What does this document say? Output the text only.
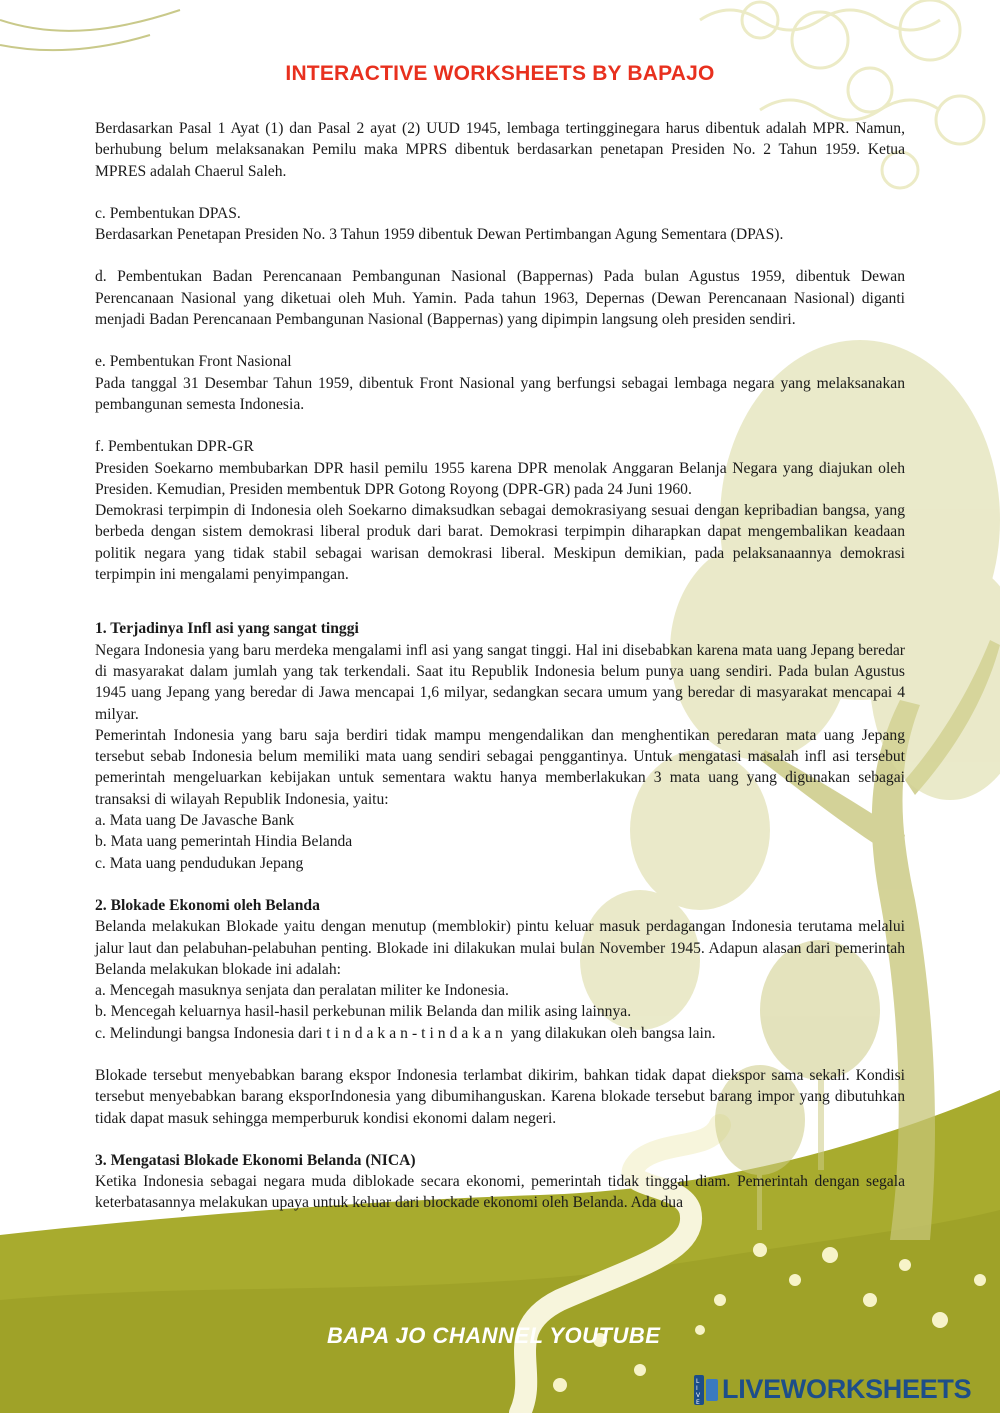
INTERACTIVE WORKSHEETS BY BAPAJO

Berdasarkan Pasal 1 Ayat (1) dan Pasal 2 ayat (2) UUD 1945, lembaga tertingginegara harus dibentuk adalah MPR. Namun, berhubung belum melaksanakan Pemilu maka MPRS dibentuk berdasarkan penetapan Presiden No. 2 Tahun 1959. Ketua MPRES adalah Chaerul Saleh.

c. Pembentukan DPAS.

Berdasarkan Penetapan Presiden No. 3 Tahun 1959 dibentuk Dewan Pertimbangan Agung Sementara (DPAS).

d. Pembentukan Badan Perencanaan Pembangunan Nasional (Bappernas) Pada bulan Agustus 1959, dibentuk Dewan Perencanaan Nasional yang diketuai oleh Muh. Yamin. Pada tahun 1963, Depernas (Dewan Perencanaan Nasional) diganti menjadi Badan Perencanaan Pembangunan Nasional (Bappernas) yang dipimpin langsung oleh presiden sendiri.

e. Pembentukan Front Nasional

Pada tanggal 31 Desembar Tahun 1959, dibentuk Front Nasional yang berfungsi sebagai lembaga negara yang melaksanakan pembangunan semesta Indonesia.

f. Pembentukan DPR-GR

Presiden Soekarno membubarkan DPR hasil pemilu 1955 karena DPR menolak Anggaran Belanja Negara yang diajukan oleh Presiden. Kemudian, Presiden membentuk DPR Gotong Royong (DPR-GR) pada 24 Juni 1960.

Demokrasi terpimpin di Indonesia oleh Soekarno dimaksudkan sebagai demokrasiyang sesuai dengan kepribadian bangsa, yang berbeda dengan sistem demokrasi liberal produk dari barat. Demokrasi terpimpin diharapkan dapat mengembalikan keadaan politik negara yang tidak stabil sebagai warisan demokrasi liberal. Meskipun demikian, pada pelaksanaannya demokrasi terpimpin ini mengalami penyimpangan.

1. Terjadinya Infl asi yang sangat tinggi

Negara Indonesia yang baru merdeka mengalami infl asi yang sangat tinggi. Hal ini disebabkan karena mata uang Jepang beredar di masyarakat dalam jumlah yang tak terkendali. Saat itu Republik Indonesia belum punya uang sendiri. Pada bulan Agustus 1945 uang Jepang yang beredar di Jawa mencapai 1,6 milyar, sedangkan secara umum yang beredar di masyarakat mencapai 4 milyar.

Pemerintah Indonesia yang baru saja berdiri tidak mampu mengendalikan dan menghentikan peredaran mata uang Jepang tersebut sebab Indonesia belum memiliki mata uang sendiri sebagai penggantinya. Untuk mengatasi masalah infl asi tersebut pemerintah mengeluarkan kebijakan untuk sementara waktu hanya memberlakukan 3 mata uang yang digunakan sebagai transaksi di wilayah Republik Indonesia, yaitu:

a. Mata uang De Javasche Bank

b. Mata uang pemerintah Hindia Belanda

c. Mata uang pendudukan Jepang

2. Blokade Ekonomi oleh Belanda

Belanda melakukan Blokade yaitu dengan menutup (memblokir) pintu keluar masuk perdagangan Indonesia terutama melalui jalur laut dan pelabuhan-pelabuhan penting. Blokade ini dilakukan mulai bulan November 1945. Adapun alasan dari pemerintah Belanda melakukan blokade ini adalah:

a. Mencegah masuknya senjata dan peralatan militer ke Indonesia.

b. Mencegah keluarnya hasil-hasil perkebunan milik Belanda dan milik asing lainnya.

c. Melindungi bangsa Indonesia dari tindakan-tindakan yang dilakukan oleh bangsa lain.

Blokade tersebut menyebabkan barang ekspor Indonesia terlambat dikirim, bahkan tidak dapat diekspor sama sekali. Kondisi tersebut menyebabkan barang eksporIndonesia yang dibumihanguskan. Karena blokade tersebut barang impor yang dibutuhkan tidak dapat masuk sehingga memperburuk kondisi ekonomi dalam negeri.

3. Mengatasi Blokade Ekonomi Belanda (NICA)

Ketika Indonesia sebagai negara muda diblokade secara ekonomi, pemerintah tidak tinggal diam. Pemerintah dengan segala keterbatasannya melakukan upaya untuk keluar dari blockade ekonomi oleh Belanda. Ada dua

BAPA JO CHANNEL YOUTUBE
L
I
V
E LIVEWORKSHEETS
